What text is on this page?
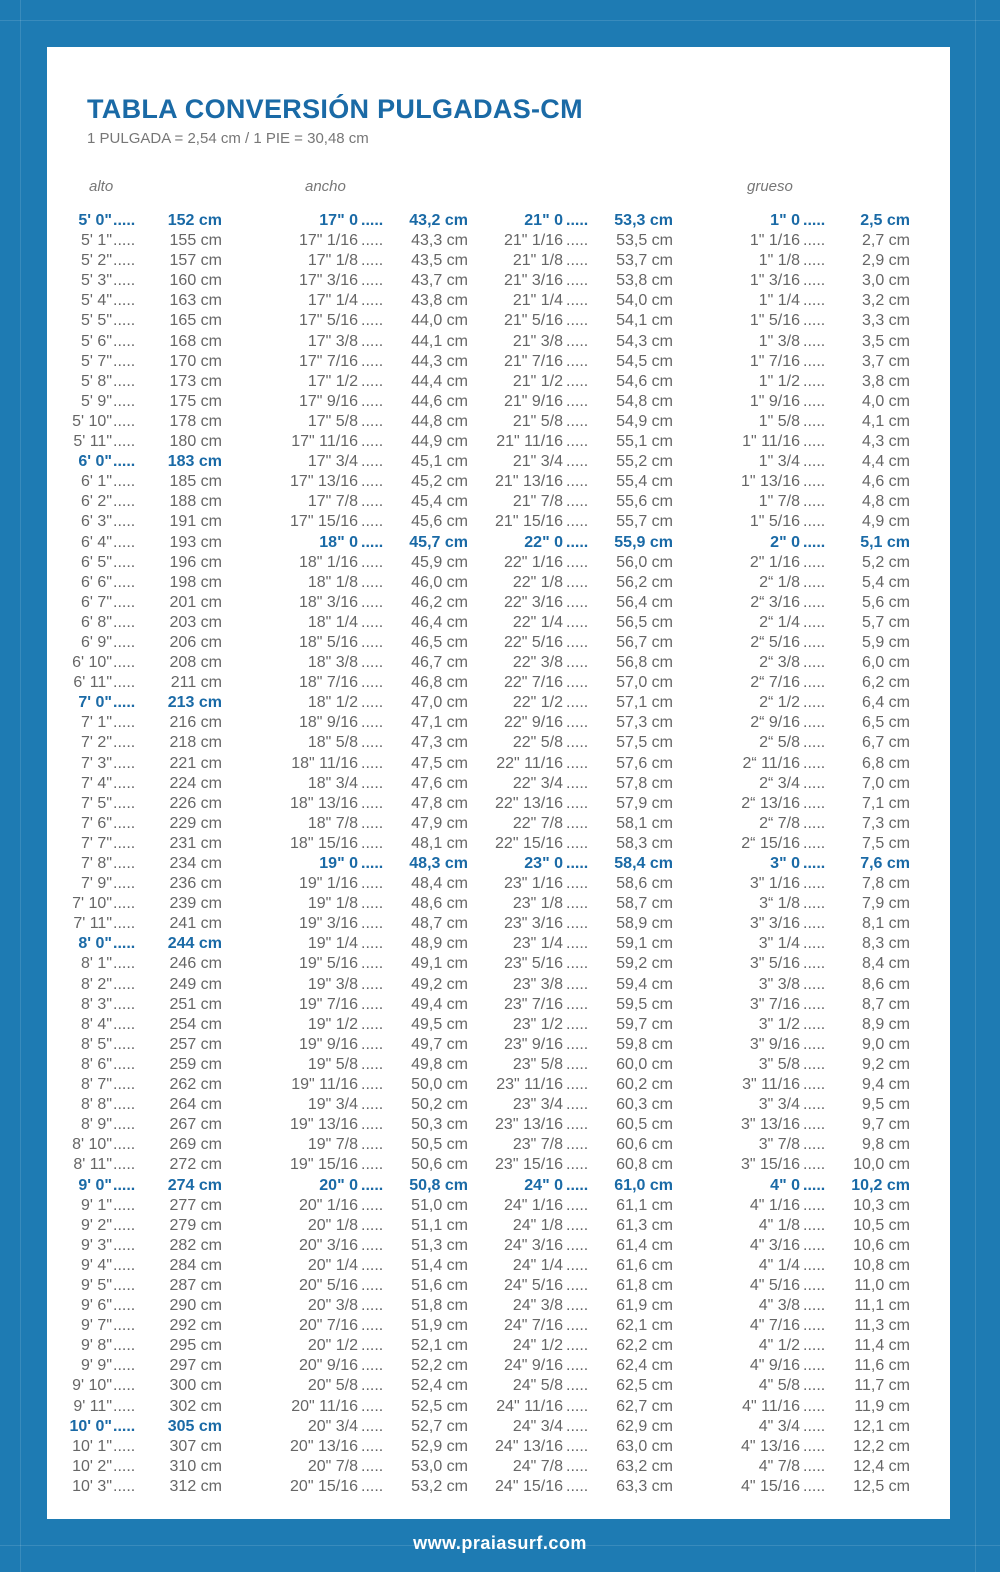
TABLA CONVERSIÓN PULGADAS-CM
1 PULGADA = 2,54 cm / 1 PIE = 30,48 cm
alto	ancho	grueso
5' 0" ..... 152 cm
5' 1" ..... 155 cm
5' 2" ..... 157 cm
5' 3" ..... 160 cm
5' 4" ..... 163 cm
5' 5" ..... 165 cm
5' 6" ..... 168 cm
5' 7" ..... 170 cm
5' 8" ..... 173 cm
5' 9" ..... 175 cm
5' 10" ..... 178 cm
5' 11" ..... 180 cm
6' 0" ..... 183 cm
6' 1" ..... 185 cm
6' 2" ..... 188 cm
6' 3" ..... 191 cm
6' 4" ..... 193 cm
6' 5" ..... 196 cm
6' 6" ..... 198 cm
6' 7" ..... 201 cm
6' 8" ..... 203 cm
6' 9" ..... 206 cm
6' 10" ..... 208 cm
6' 11" ..... 211 cm
7' 0" ..... 213 cm
7' 1" ..... 216 cm
7' 2" ..... 218 cm
7' 3" ..... 221 cm
7' 4" ..... 224 cm
7' 5" ..... 226 cm
7' 6" ..... 229 cm
7' 7" ..... 231 cm
7' 8" ..... 234 cm
7' 9" ..... 236 cm
7' 10" ..... 239 cm
7' 11" ..... 241 cm
8' 0" ..... 244 cm
8' 1" ..... 246 cm
8' 2" ..... 249 cm
8' 3" ..... 251 cm
8' 4" ..... 254 cm
8' 5" ..... 257 cm
8' 6" ..... 259 cm
8' 7" ..... 262 cm
8' 8" ..... 264 cm
8' 9" ..... 267 cm
8' 10" ..... 269 cm
8' 11" ..... 272 cm
9' 0" ..... 274 cm
9' 1" ..... 277 cm
9' 2" ..... 279 cm
9' 3" ..... 282 cm
9' 4" ..... 284 cm
9' 5" ..... 287 cm
9' 6" ..... 290 cm
9' 7" ..... 292 cm
9' 8" ..... 295 cm
9' 9" ..... 297 cm
9' 10" ..... 300 cm
9' 11" ..... 302 cm
10' 0" ..... 305 cm
10' 1" ..... 307 cm
10' 2" ..... 310 cm
10' 3" ..... 312 cm
17" 0 ..... 43,2 cm
17" 1/16 ..... 43,3 cm
17" 1/8 ..... 43,5 cm
17" 3/16 ..... 43,7 cm
17" 1/4 ..... 43,8 cm
17" 5/16 ..... 44,0 cm
17" 3/8 ..... 44,1 cm
17" 7/16 ..... 44,3 cm
17" 1/2 ..... 44,4 cm
17" 9/16 ..... 44,6 cm
17" 5/8 ..... 44,8 cm
17" 11/16 ..... 44,9 cm
17" 3/4 ..... 45,1 cm
17" 13/16 ..... 45,2 cm
17" 7/8 ..... 45,4 cm
17" 15/16 ..... 45,6 cm
18" 0 ..... 45,7 cm
18" 1/16 ..... 45,9 cm
18" 1/8 ..... 46,0 cm
18" 3/16 ..... 46,2 cm
18" 1/4 ..... 46,4 cm
18" 5/16 ..... 46,5 cm
18" 3/8 ..... 46,7 cm
18" 7/16 ..... 46,8 cm
18" 1/2 ..... 47,0 cm
18" 9/16 ..... 47,1 cm
18" 5/8 ..... 47,3 cm
18" 11/16 ..... 47,5 cm
18" 3/4 ..... 47,6 cm
18" 13/16 ..... 47,8 cm
18" 7/8 ..... 47,9 cm
18" 15/16 ..... 48,1 cm
19" 0 ..... 48,3 cm
19" 1/16 ..... 48,4 cm
19" 1/8 ..... 48,6 cm
19" 3/16 ..... 48,7 cm
19" 1/4 ..... 48,9 cm
19" 5/16 ..... 49,1 cm
19" 3/8 ..... 49,2 cm
19" 7/16 ..... 49,4 cm
19" 1/2 ..... 49,5 cm
19" 9/16 ..... 49,7 cm
19" 5/8 ..... 49,8 cm
19" 11/16 ..... 50,0 cm
19" 3/4 ..... 50,2 cm
19" 13/16 ..... 50,3 cm
19" 7/8 ..... 50,5 cm
19" 15/16 ..... 50,6 cm
20" 0 ..... 50,8 cm
20" 1/16 ..... 51,0 cm
20" 1/8 ..... 51,1 cm
20" 3/16 ..... 51,3 cm
20" 1/4 ..... 51,4 cm
20" 5/16 ..... 51,6 cm
20" 3/8 ..... 51,8 cm
20" 7/16 ..... 51,9 cm
20" 1/2 ..... 52,1 cm
20" 9/16 ..... 52,2 cm
20" 5/8 ..... 52,4 cm
20" 11/16 ..... 52,5 cm
20" 3/4 ..... 52,7 cm
20" 13/16 ..... 52,9 cm
20" 7/8 ..... 53,0 cm
20" 15/16 ..... 53,2 cm
21" 0 ..... 53,3 cm
21" 1/16 ..... 53,5 cm
21" 1/8 ..... 53,7 cm
21" 3/16 ..... 53,8 cm
21" 1/4 ..... 54,0 cm
21" 5/16 ..... 54,1 cm
21" 3/8 ..... 54,3 cm
21" 7/16 ..... 54,5 cm
21" 1/2 ..... 54,6 cm
21" 9/16 ..... 54,8 cm
21" 5/8 ..... 54,9 cm
21" 11/16 ..... 55,1 cm
21" 3/4 ..... 55,2 cm
21" 13/16 ..... 55,4 cm
21" 7/8 ..... 55,6 cm
21" 15/16 ..... 55,7 cm
22" 0 ..... 55,9 cm
22" 1/16 ..... 56,0 cm
22" 1/8 ..... 56,2 cm
22" 3/16 ..... 56,4 cm
22" 1/4 ..... 56,5 cm
22" 5/16 ..... 56,7 cm
22" 3/8 ..... 56,8 cm
22" 7/16 ..... 57,0 cm
22" 1/2 ..... 57,1 cm
22" 9/16 ..... 57,3 cm
22" 5/8 ..... 57,5 cm
22" 11/16 ..... 57,6 cm
22" 3/4 ..... 57,8 cm
22" 13/16 ..... 57,9 cm
22" 7/8 ..... 58,1 cm
22" 15/16 ..... 58,3 cm
23" 0 ..... 58,4 cm
23" 1/16 ..... 58,6 cm
23" 1/8 ..... 58,7 cm
23" 3/16 ..... 58,9 cm
23" 1/4 ..... 59,1 cm
23" 5/16 ..... 59,2 cm
23" 3/8 ..... 59,4 cm
23" 7/16 ..... 59,5 cm
23" 1/2 ..... 59,7 cm
23" 9/16 ..... 59,8 cm
23" 5/8 ..... 60,0 cm
23" 11/16 ..... 60,2 cm
23" 3/4 ..... 60,3 cm
23" 13/16 ..... 60,5 cm
23" 7/8 ..... 60,6 cm
23" 15/16 ..... 60,8 cm
24" 0 ..... 61,0 cm
24" 1/16 ..... 61,1 cm
24" 1/8 ..... 61,3 cm
24" 3/16 ..... 61,4 cm
24" 1/4 ..... 61,6 cm
24" 5/16 ..... 61,8 cm
24" 3/8 ..... 61,9 cm
24" 7/16 ..... 62,1 cm
24" 1/2 ..... 62,2 cm
24" 9/16 ..... 62,4 cm
24" 5/8 ..... 62,5 cm
24" 11/16 ..... 62,7 cm
24" 3/4 ..... 62,9 cm
24" 13/16 ..... 63,0 cm
24" 7/8 ..... 63,2 cm
24" 15/16 ..... 63,3 cm
1" 0 ..... 2,5 cm
1" 1/16 ..... 2,7 cm
1" 1/8 ..... 2,9 cm
1" 3/16 ..... 3,0 cm
1" 1/4 ..... 3,2 cm
1" 5/16 ..... 3,3 cm
1" 3/8 ..... 3,5 cm
1" 7/16 ..... 3,7 cm
1" 1/2 ..... 3,8 cm
1" 9/16 ..... 4,0 cm
1" 5/8 ..... 4,1 cm
1" 11/16 ..... 4,3 cm
1" 3/4 ..... 4,4 cm
1" 13/16 ..... 4,6 cm
1" 7/8 ..... 4,8 cm
1" 5/16 ..... 4,9 cm
2" 0 ..... 5,1 cm
2" 1/16 ..... 5,2 cm
2“ 1/8 ..... 5,4 cm
2“ 3/16 ..... 5,6 cm
2“ 1/4 ..... 5,7 cm
2“ 5/16 ..... 5,9 cm
2“ 3/8 ..... 6,0 cm
2“ 7/16 ..... 6,2 cm
2“ 1/2 ..... 6,4 cm
2“ 9/16 ..... 6,5 cm
2“ 5/8 ..... 6,7 cm
2“ 11/16 ..... 6,8 cm
2“ 3/4 ..... 7,0 cm
2“ 13/16 ..... 7,1 cm
2“ 7/8 ..... 7,3 cm
2“ 15/16 ..... 7,5 cm
3" 0 ..... 7,6 cm
3" 1/16 ..... 7,8 cm
3“ 1/8 ..... 7,9 cm
3" 3/16 ..... 8,1 cm
3" 1/4 ..... 8,3 cm
3" 5/16 ..... 8,4 cm
3" 3/8 ..... 8,6 cm
3" 7/16 ..... 8,7 cm
3" 1/2 ..... 8,9 cm
3" 9/16 ..... 9,0 cm
3" 5/8 ..... 9,2 cm
3" 11/16 ..... 9,4 cm
3" 3/4 ..... 9,5 cm
3" 13/16 ..... 9,7 cm
3" 7/8 ..... 9,8 cm
3" 15/16 ..... 10,0 cm
4" 0 ..... 10,2 cm
4" 1/16 ..... 10,3 cm
4" 1/8 ..... 10,5 cm
4" 3/16 ..... 10,6 cm
4" 1/4 ..... 10,8 cm
4" 5/16 ..... 11,0 cm
4" 3/8 ..... 11,1 cm
4" 7/16 ..... 11,3 cm
4" 1/2 ..... 11,4 cm
4" 9/16 ..... 11,6 cm
4" 5/8 ..... 11,7 cm
4" 11/16 ..... 11,9 cm
4" 3/4 ..... 12,1 cm
4" 13/16 ..... 12,2 cm
4" 7/8 ..... 12,4 cm
4" 15/16 ..... 12,5 cm
www.praiasurf.com
